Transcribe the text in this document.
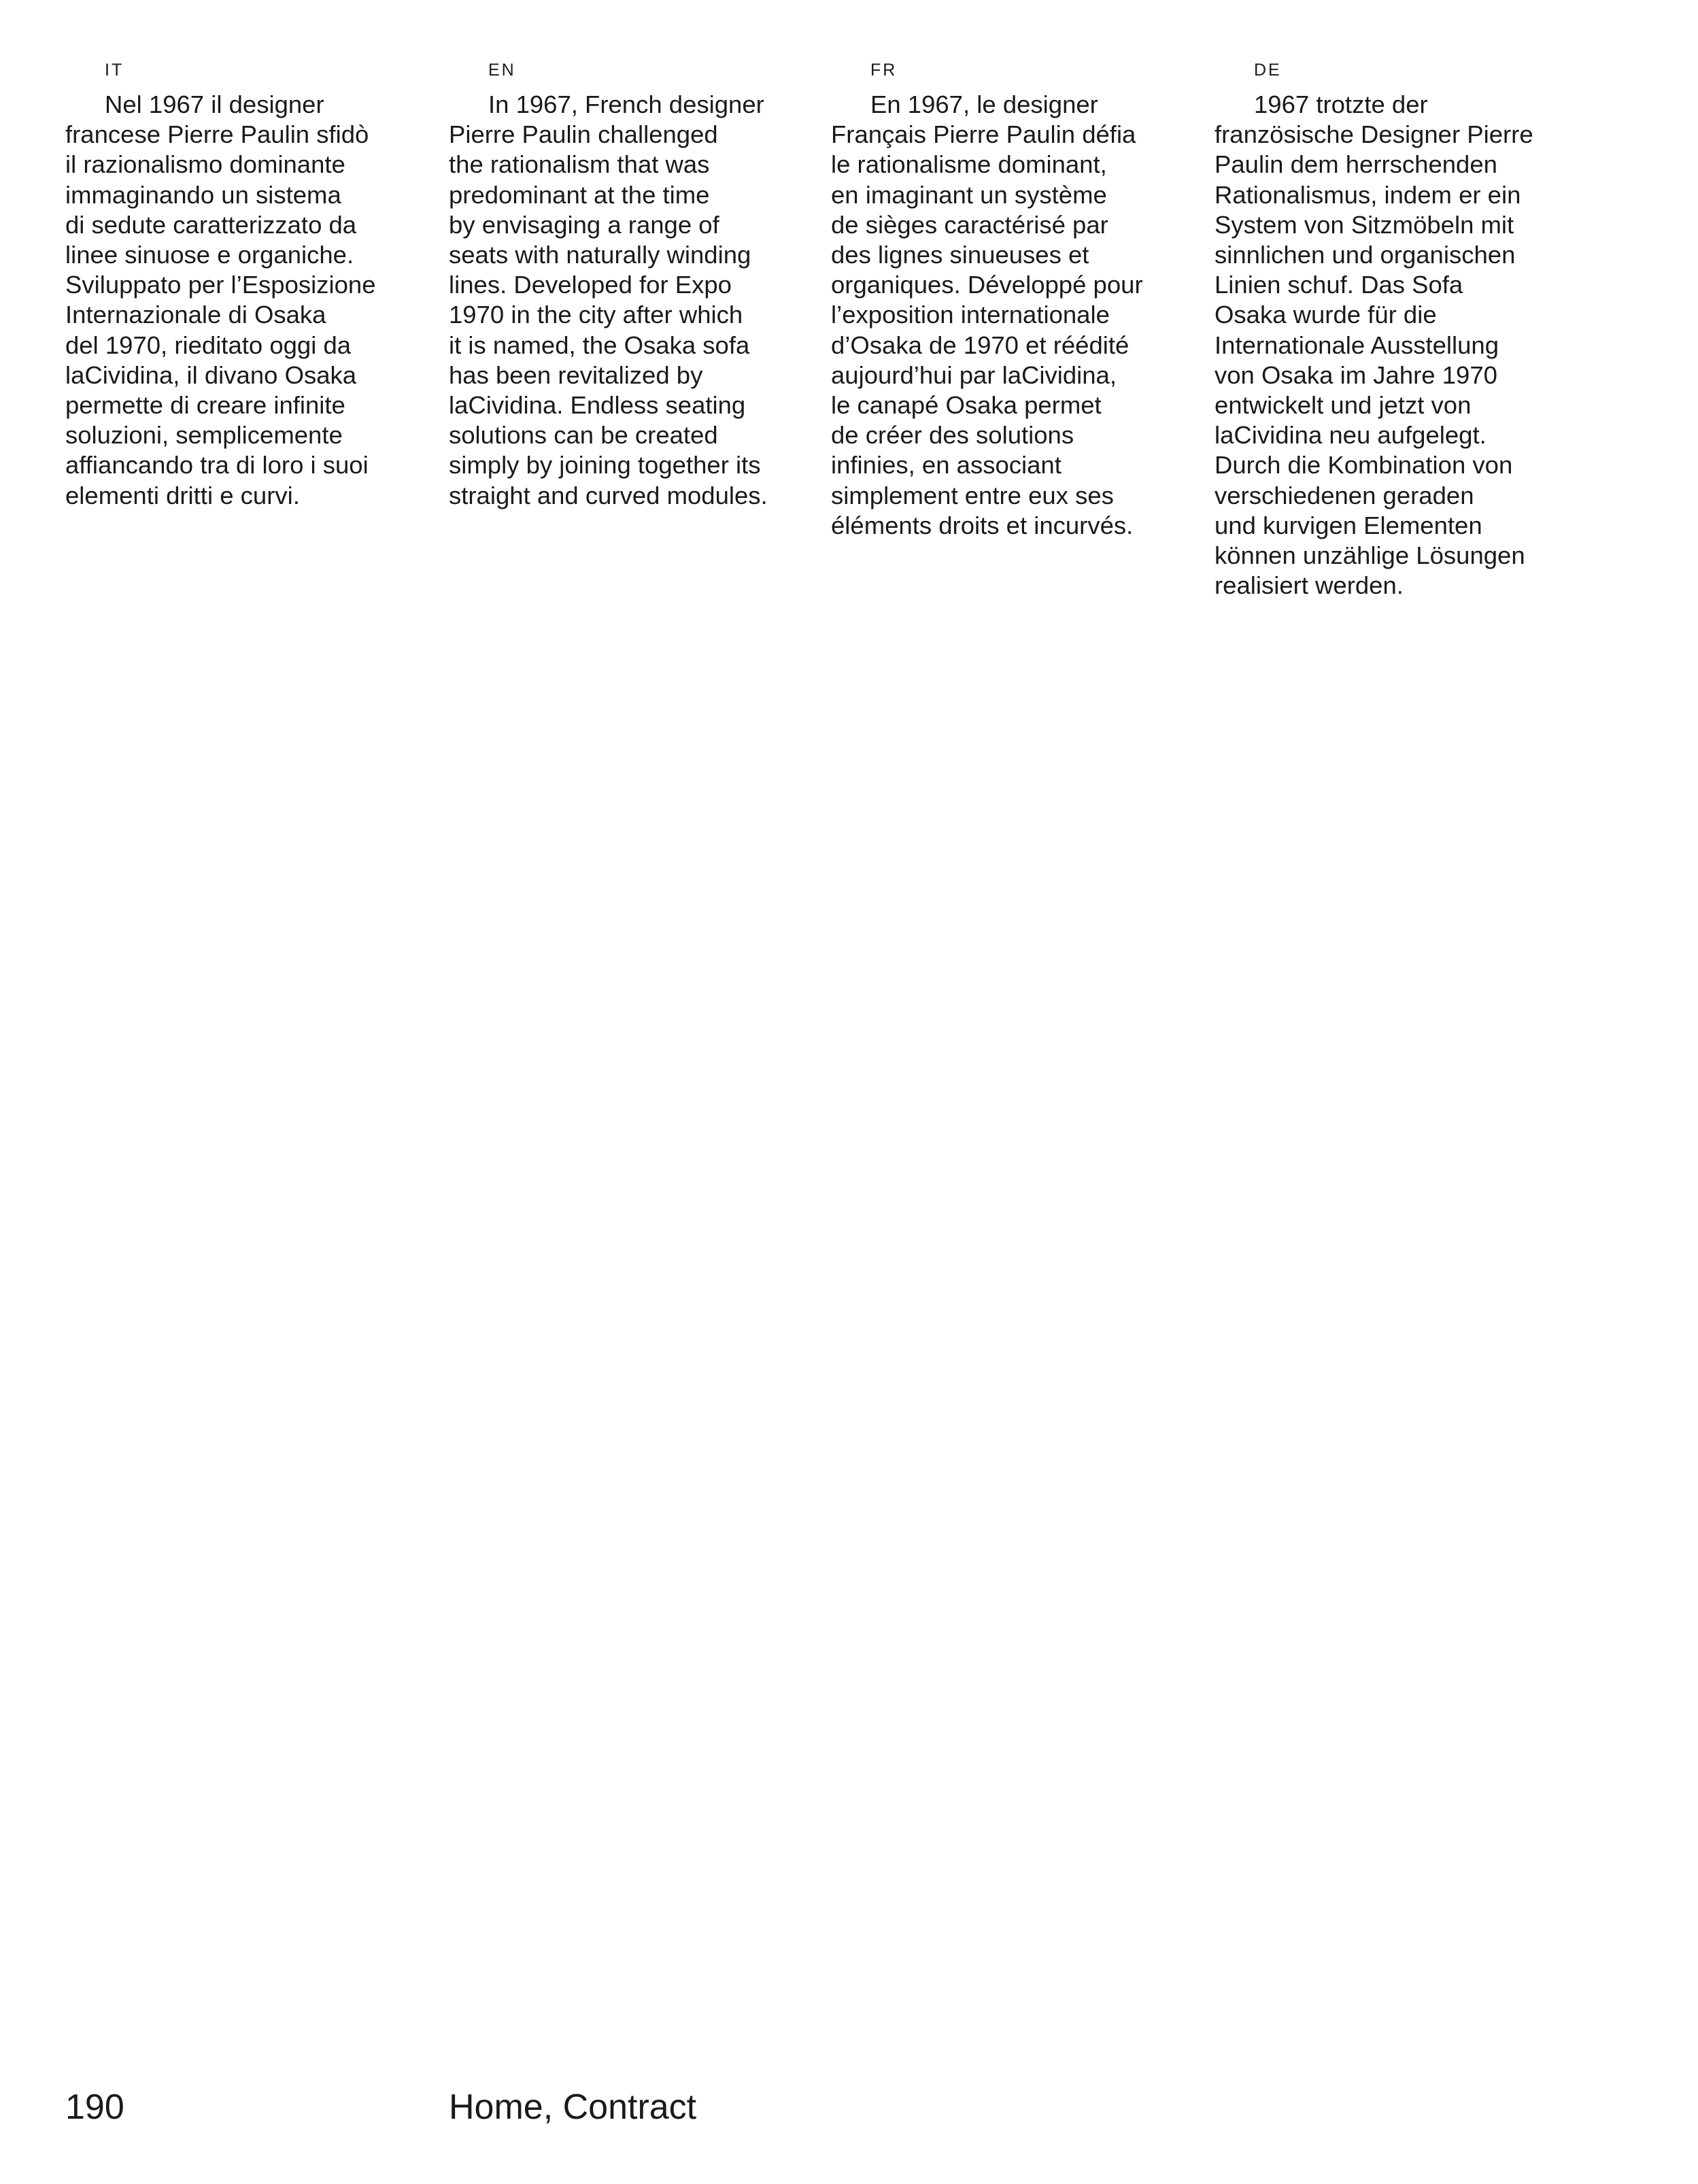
IT

Nel 1967 il designer
francese Pierre Paulin sfidò
il razionalismo dominante
immaginando un sistema
di sedute caratterizzato da
linee sinuose e organiche.
Sviluppato per l’Esposizione
Internazionale di Osaka
del 1970, rieditato oggi da
laCividina, il divano Osaka
permette di creare infinite
soluzioni, semplicemente
affiancando tra di loro i suoi
elementi dritti e curvi.

EN

In 1967, French designer
Pierre Paulin challenged
the rationalism that was
predominant at the time
by envisaging a range of
seats with naturally winding
lines. Developed for Expo
1970 in the city after which
it is named, the Osaka sofa
has been revitalized by
laCividina. Endless seating
solutions can be created
simply by joining together its
straight and curved modules.

FR

En 1967, le designer
Français Pierre Paulin défia
le rationalisme dominant,
en imaginant un système
de sièges caractérisé par
des lignes sinueuses et
organiques. Développé pour
l’exposition internationale
d’Osaka de 1970 et réédité
aujourd’hui par laCividina,
le canapé Osaka permet
de créer des solutions
infinies, en associant
simplement entre eux ses
éléments droits et incurvés.

DE

1967 trotzte der
französische Designer Pierre
Paulin dem herrschenden
Rationalismus, indem er ein
System von Sitzmöbeln mit
sinnlichen und organischen
Linien schuf. Das Sofa
Osaka wurde für die
Internationale Ausstellung
von Osaka im Jahre 1970
entwickelt und jetzt von
laCividina neu aufgelegt.
Durch die Kombination von
verschiedenen geraden
und kurvigen Elementen
können unzählige Lösungen
realisiert werden.

190	Home, Contract
